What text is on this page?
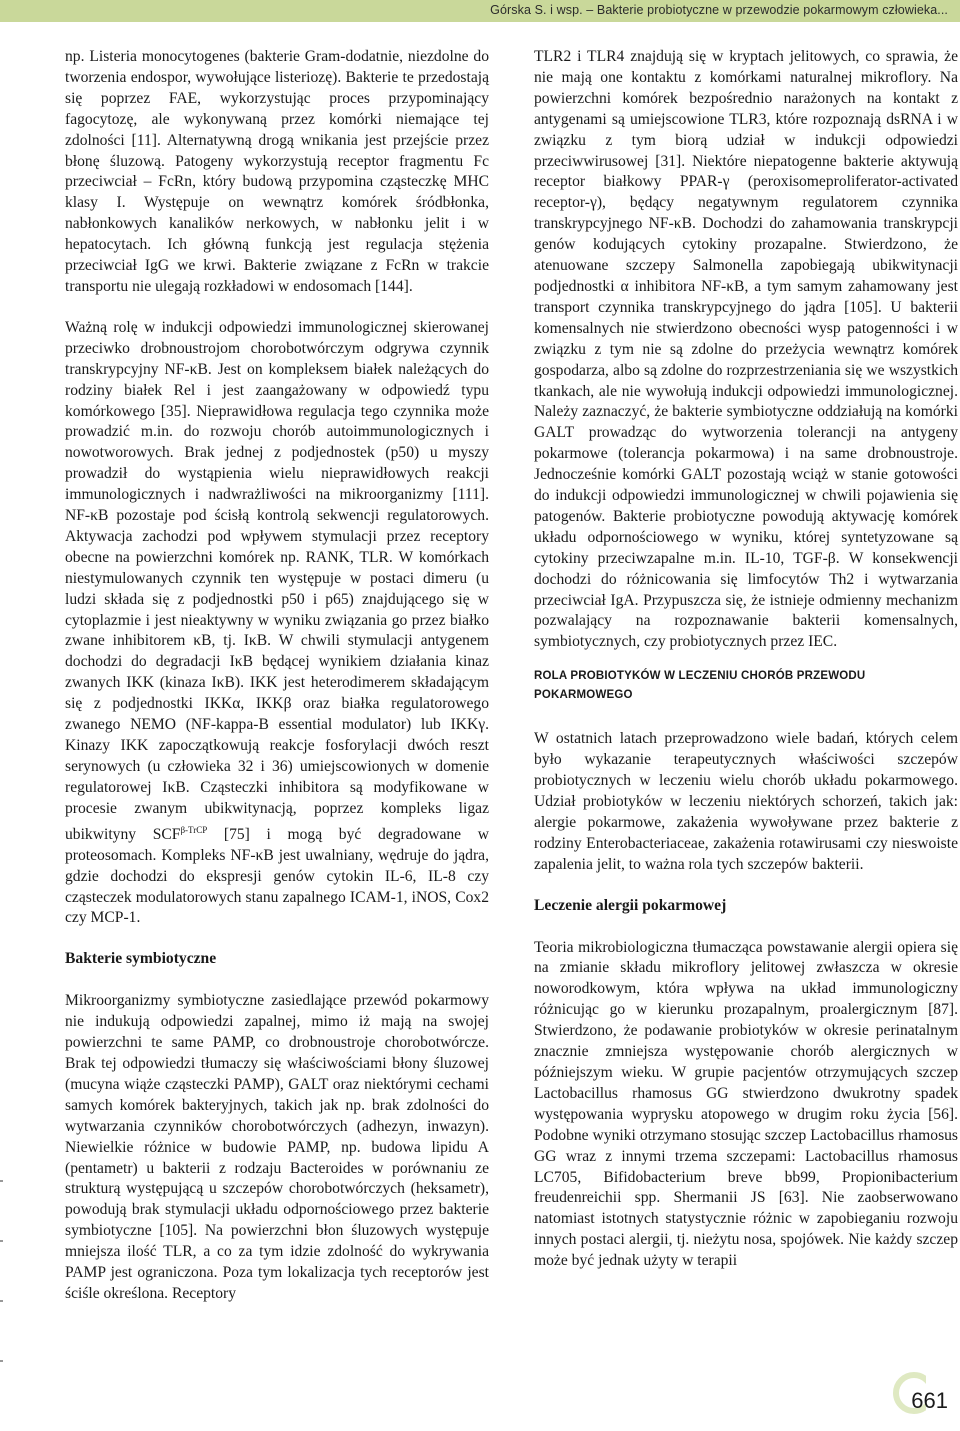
Górska S. i wsp. – Bakterie probiotyczne w przewodzie pokarmowym człowieka...

np. Listeria monocytogenes (bakterie Gram-dodatnie, niezdolne do tworzenia endospor, wywołujące listeriozę). Bakterie te przedostają się poprzez FAE, wykorzystując proces przypominający fagocytozę, ale wykonywaną przez komórki niemające tej zdolności [11]. Alternatywną drogą wnikania jest przejście przez błonę śluzową. Patogeny wykorzystują receptor fragmentu Fc przeciwciał – FcRn, który budową przypomina cząsteczkę MHC klasy I. Występuje on wewnątrz komórek śródbłonka, nabłonkowych kanalików nerkowych, w nabłonku jelit i w hepatocytach. Ich główną funkcją jest regulacja stężenia przeciwciał IgG we krwi. Bakterie związane z FcRn w trakcie transportu nie ulegają rozkładowi w endosomach [144].

Ważną rolę w indukcji odpowiedzi immunologicznej skierowanej przeciwko drobnoustrojom chorobotwórczym odgrywa czynnik transkrypcyjny NF-κB. Jest on kompleksem białek należących do rodziny białek Rel i jest zaangażowany w odpowiedź typu komórkowego [35]. Nieprawidłowa regulacja tego czynnika może prowadzić m.in. do rozwoju chorób autoimmunologicznych i nowotworowych. Brak jednej z podjednostek (p50) u myszy prowadził do wystąpienia wielu nieprawidłowych reakcji immunologicznych i nadwrażliwości na mikroorganizmy [111]. NF-κB pozostaje pod ścisłą kontrolą sekwencji regulatorowych. Aktywacja zachodzi pod wpływem stymulacji przez receptory obecne na powierzchni komórek np. RANK, TLR. W komórkach niestymulowanych czynnik ten występuje w postaci dimeru (u ludzi składa się z podjednostki p50 i p65) znajdującego się w cytoplazmie i jest nieaktywny w wyniku związania go przez białko zwane inhibitorem κB, tj. IκB. W chwili stymulacji antygenem dochodzi do degradacji IκB będącej wynikiem działania kinaz zwanych IKK (kinaza IκB). IKK jest heterodimerem składającym się z podjednostki IKKα, IKKβ oraz białka regulatorowego zwanego NEMO (NF-kappa-B essential modulator) lub IKKγ. Kinazy IKK zapoczątkowują reakcje fosforylacji dwóch reszt serynowych (u człowieka 32 i 36) umiejscowionych w domenie regulatorowej IκB. Cząsteczki inhibitora są modyfikowane w procesie zwanym ubikwitynacją, poprzez kompleks ligaz ubikwityny $SCF^{\beta-TrCP}$ [75] i mogą być degradowane w proteosomach. Kompleks NF-κB jest uwalniany, wędruje do jądra, gdzie dochodzi do ekspresji genów cytokin IL-6, IL-8 czy cząsteczek modulatorowych stanu zapalnego ICAM-1, iNOS, Cox2 czy MCP-1.

Bakterie symbiotyczne

Mikroorganizmy symbiotyczne zasiedlające przewód pokarmowy nie indukują odpowiedzi zapalnej, mimo iż mają na swojej powierzchni te same PAMP, co drobnoustroje chorobotwórcze. Brak tej odpowiedzi tłumaczy się właściwościami błony śluzowej (mucyna wiąże cząsteczki PAMP), GALT oraz niektórymi cechami samych komórek bakteryjnych, takich jak np. brak zdolności do wytwarzania czynników chorobotwórczych (adhezyn, inwazyn). Niewielkie różnice w budowie PAMP, np. budowa lipidu A (pentametr) u bakterii z rodzaju Bacteroides w porównaniu ze strukturą występującą u szczepów chorobotwórczych (heksametr), powodują brak stymulacji układu odpornościowego przez bakterie symbiotyczne [105]. Na powierzchni błon śluzowych występuje mniejsza ilość TLR, a co za tym idzie zdolność do wykrywania PAMP jest ograniczona. Poza tym lokalizacja tych receptorów jest ściśle określona. Receptory

TLR2 i TLR4 znajdują się w kryptach jelitowych, co sprawia, że nie mają one kontaktu z komórkami naturalnej mikroflory. Na powierzchni komórek bezpośrednio narażonych na kontakt z antygenami są umiejscowione TLR3, które rozpoznają dsRNA i w związku z tym biorą udział w indukcji odpowiedzi przeciwwirusowej [31]. Niektóre niepatogenne bakterie aktywują receptor białkowy PPAR-γ (peroxisomeproliferator-activated receptor-γ), będący negatywnym regulatorem czynnika transkrypcyjnego NF-κB. Dochodzi do zahamowania transkrypcji genów kodujących cytokiny prozapalne. Stwierdzono, że atenuowane szczepy Salmonella zapobiegają ubikwitynacji podjednostki α inhibitora NF-κB, a tym samym zahamowany jest transport czynnika transkrypcyjnego do jądra [105]. U bakterii komensalnych nie stwierdzono obecności wysp patogenności i w związku z tym nie są zdolne do przeżycia wewnątrz komórek gospodarza, albo są zdolne do rozprzestrzeniania się we wszystkich tkankach, ale nie wywołują indukcji odpowiedzi immunologicznej. Należy zaznaczyć, że bakterie symbiotyczne oddziałują na komórki GALT prowadząc do wytworzenia tolerancji na antygeny pokarmowe (tolerancja pokarmowa) i na same drobnoustroje. Jednocześnie komórki GALT pozostają wciąż w stanie gotowości do indukcji odpowiedzi immunologicznej w chwili pojawienia się patogenów. Bakterie probiotyczne powodują aktywację komórek układu odpornościowego w wyniku, której syntetyzowane są cytokiny przeciwzapalne m.in. IL-10, TGF-β. W konsekwencji dochodzi do różnicowania się limfocytów Th2 i wytwarzania przeciwciał IgA. Przypuszcza się, że istnieje odmienny mechanizm pozwalający na rozpoznawanie bakterii komensalnych, symbiotycznych, czy probiotycznych przez IEC.

ROLA PROBIOTYKÓW W LECZENIU CHORÓB PRZEWODU
POKARMOWEGO

W ostatnich latach przeprowadzono wiele badań, których celem było wykazanie terapeutycznych właściwości szczepów probiotycznych w leczeniu wielu chorób układu pokarmowego. Udział probiotyków w leczeniu niektórych schorzeń, takich jak: alergie pokarmowe, zakażenia wywoływane przez bakterie z rodziny Enterobacteriaceae, zakażenia rotawirusami czy nieswoiste zapalenia jelit, to ważna rola tych szczepów bakterii.

Leczenie alergii pokarmowej

Teoria mikrobiologiczna tłumacząca powstawanie alergii opiera się na zmianie składu mikroflory jelitowej zwłaszcza w okresie noworodkowym, która wpływa na układ immunologiczny różnicując go w kierunku prozapalnym, proalergicznym [87]. Stwierdzono, że podawanie probiotyków w okresie perinatalnym znacznie zmniejsza występowanie chorób alergicznych w późniejszym wieku. W grupie pacjentów otrzymujących szczep Lactobacillus rhamosus GG stwierdzono dwukrotny spadek występowania wyprysku atopowego w drugim roku życia [56]. Podobne wyniki otrzymano stosując szczep Lactobacillus rhamosus GG wraz z innymi trzema szczepami: Lactobacillus rhamosus LC705, Bifidobacterium breve bb99, Propionibacterium freudenreichii spp. Shermanii JS [63]. Nie zaobserwowano natomiast istotnych statystycznie różnic w zapobieganiu rozwoju innych postaci alergii, tj. nieżytu nosa, spojówek. Nie każdy szczep może być jednak użyty w terapii

661
